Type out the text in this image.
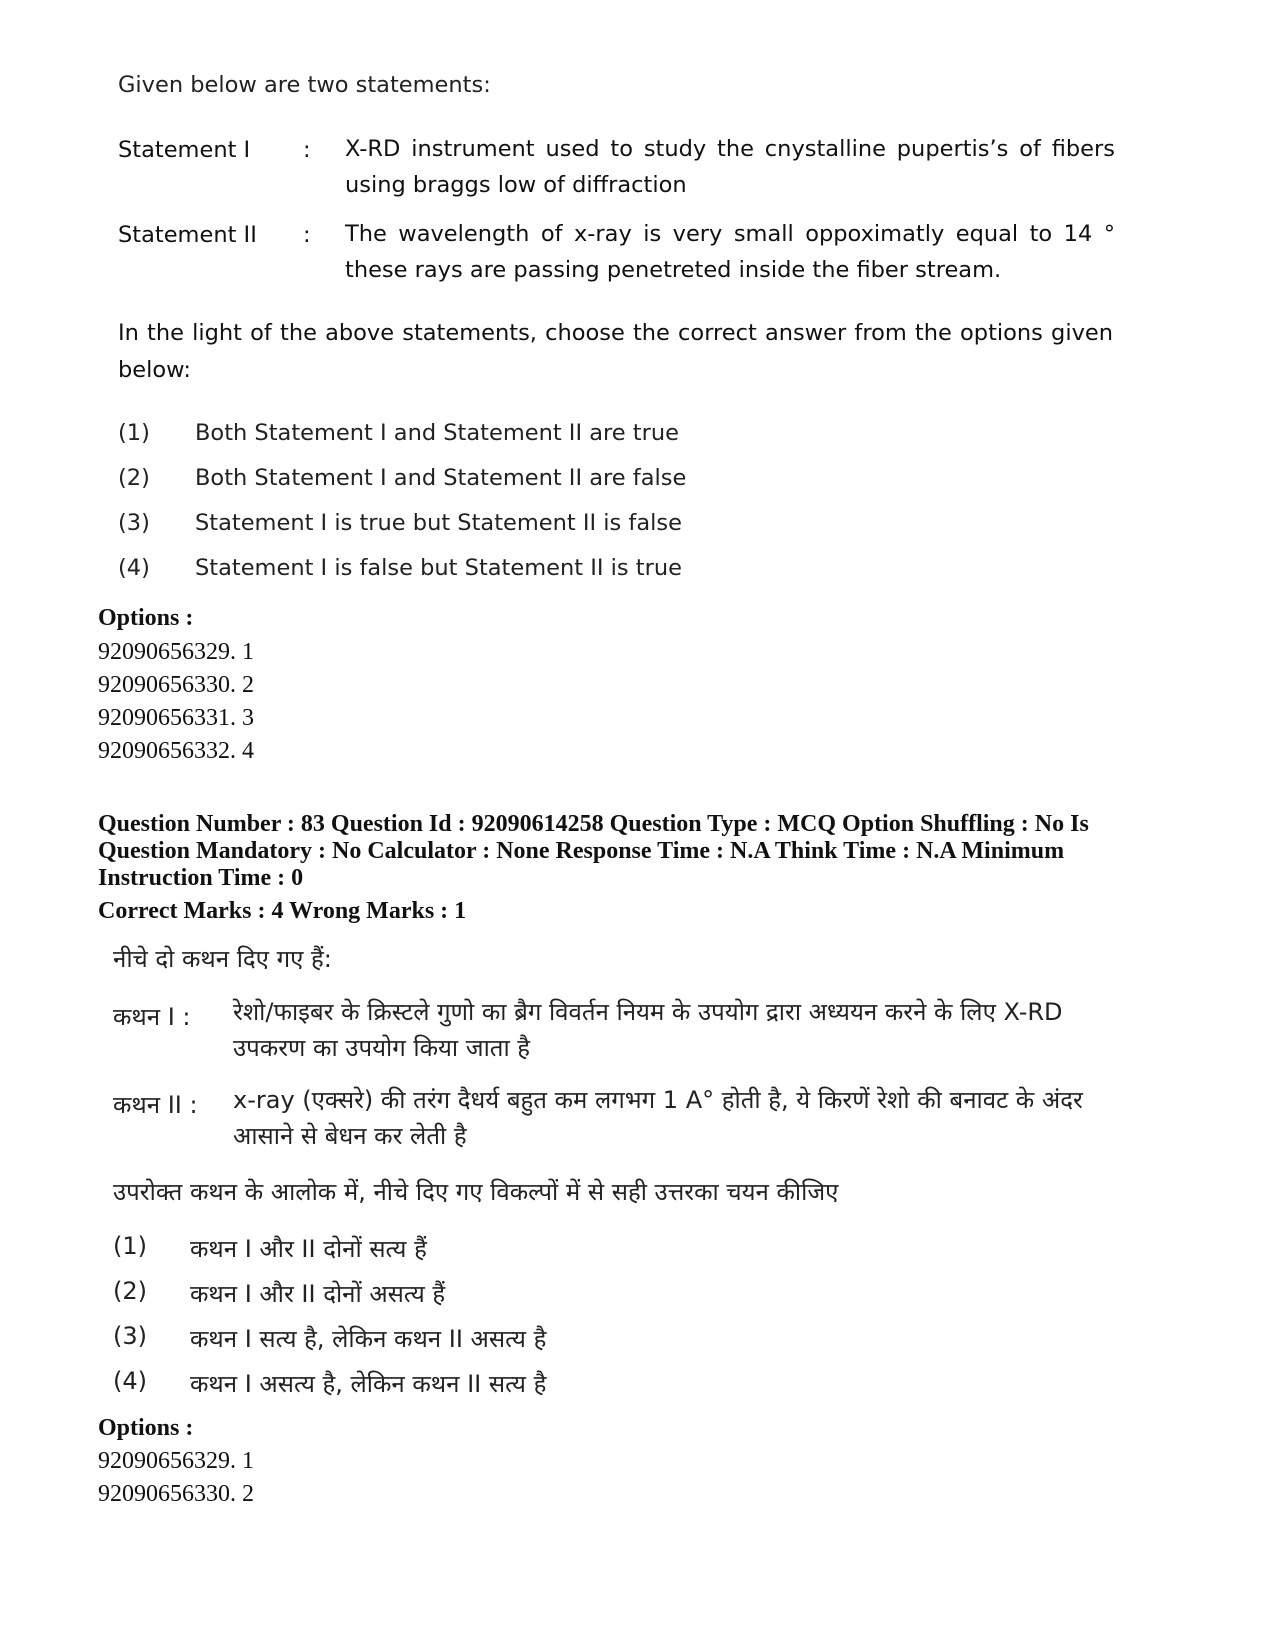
Given below are two statements:
Statement I : X-RD instrument used to study the cnystalline pupertis’s of fibers using braggs low of diffraction
Statement II : The wavelength of x-ray is very small oppoximatly equal to 14 ° these rays are passing penetreted inside the fiber stream.
In the light of the above statements, choose the correct answer from the options given below:
(1) Both Statement I and Statement II are true
(2) Both Statement I and Statement II are false
(3) Statement I is true but Statement II is false
(4) Statement I is false but Statement II is true
Options :
92090656329. 1
92090656330. 2
92090656331. 3
92090656332. 4
Question Number : 83 Question Id : 92090614258 Question Type : MCQ Option Shuffling : No Is
Question Mandatory : No Calculator : None Response Time : N.A Think Time : N.A Minimum
Instruction Time : 0
Correct Marks : 4 Wrong Marks : 1
नीचे दो कथन दिए गए हैं:
कथन I : रेशो/फाइबर के क्रिस्टले गुणो का ब्रैग विवर्तन नियम के उपयोग द्रारा अध्ययन करने के लिए X-RD उपकरण का उपयोग किया जाता है
कथन II : x-ray (एक्सरे) की तरंग दैधर्य बहुत कम लगभग 1 A° होती है, ये किरणें रेशो की बनावट के अंदर आसाने से बेधन कर लेती है
उपरोक्त कथन के आलोक में, नीचे दिए गए विकल्पों में से सही उत्तरका चयन कीजिए
(1) कथन I और II दोनों सत्य हैं
(2) कथन I और II दोनों असत्य हैं
(3) कथन I सत्य है, लेकिन कथन II असत्य है
(4) कथन I असत्य है, लेकिन कथन II सत्य है
Options :
92090656329. 1
92090656330. 2
